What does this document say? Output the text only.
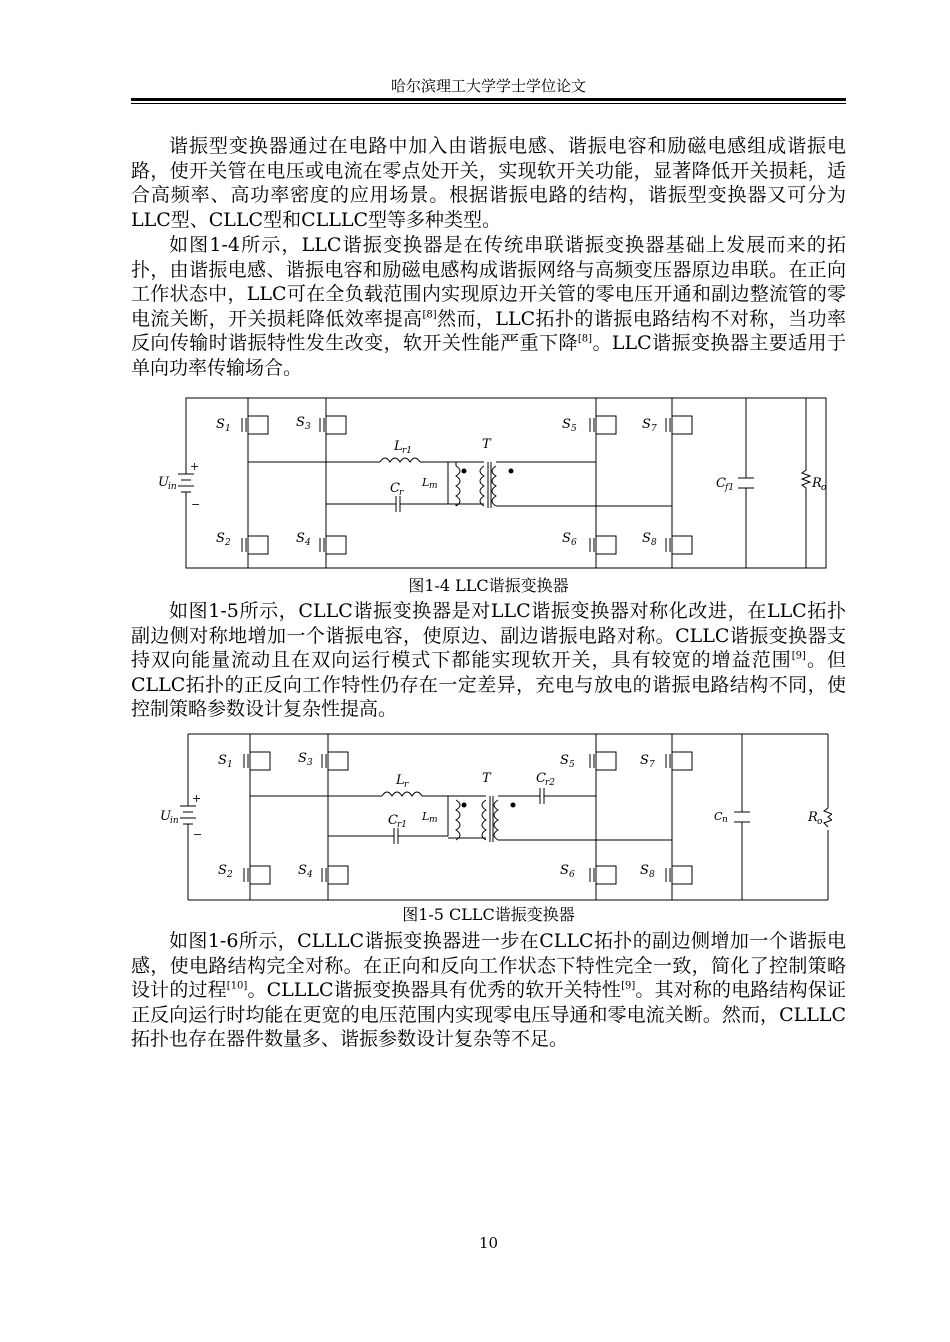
哈尔滨理工大学学士学位论文

谐振型变换器通过在电路中加入由谐振电感、谐振电容和励磁电感组成谐振电路，使开关管在电压或电流在零点处开关，实现软开关功能，显著降低开关损耗，适合高频率、高功率密度的应用场景。根据谐振电路的结构，谐振型变换器又可分为LLC型、CLLC型和CLLLC型等多种类型。

如图1-4所示，LLC谐振变换器是在传统串联谐振变换器基础上发展而来的拓扑，由谐振电感、谐振电容和励磁电感构成谐振网络与高频变压器原边串联。在正向工作状态中，LLC可在全负载范围内实现原边开关管的零电压开通和副边整流管的零电流关断，开关损耗降低效率提高[8]然而，LLC拓扑的谐振电路结构不对称，当功率反向传输时谐振特性发生改变，软开关性能严重下降[8]。LLC谐振变换器主要适用于单向功率传输场合。

S 1	S 3
S 2	S 4
S 5	S 7
S 6	S 8
U in
+
−
L r1
C r
L m
T
C f1	R o
图1-4 LLC谐振变换器

如图1-5所示，CLLC谐振变换器是对LLC谐振变换器对称化改进，在LLC拓扑副边侧对称地增加一个谐振电容，使原边、副边谐振电路对称。CLLC谐振变换器支持双向能量流动且在双向运行模式下都能实现软开关，具有较宽的增益范围[9]。但CLLC拓扑的正反向工作特性仍存在一定差异，充电与放电的谐振电路结构不同，使控制策略参数设计复杂性提高。

S 1	S 3
S 2	S 4
S 5	S 7
S 6	S 8
U in
+
−
L r
C r1
C r2
L m
T
C n	R o
图1-5 CLLC谐振变换器

如图1-6所示，CLLLC谐振变换器进一步在CLLC拓扑的副边侧增加一个谐振电感，使电路结构完全对称。在正向和反向工作状态下特性完全一致，简化了控制策略设计的过程[10]。CLLLC谐振变换器具有优秀的软开关特性[9]。其对称的电路结构保证正反向运行时均能在更宽的电压范围内实现零电压导通和零电流关断。然而，CLLLC拓扑也存在器件数量多、谐振参数设计复杂等不足。

10
